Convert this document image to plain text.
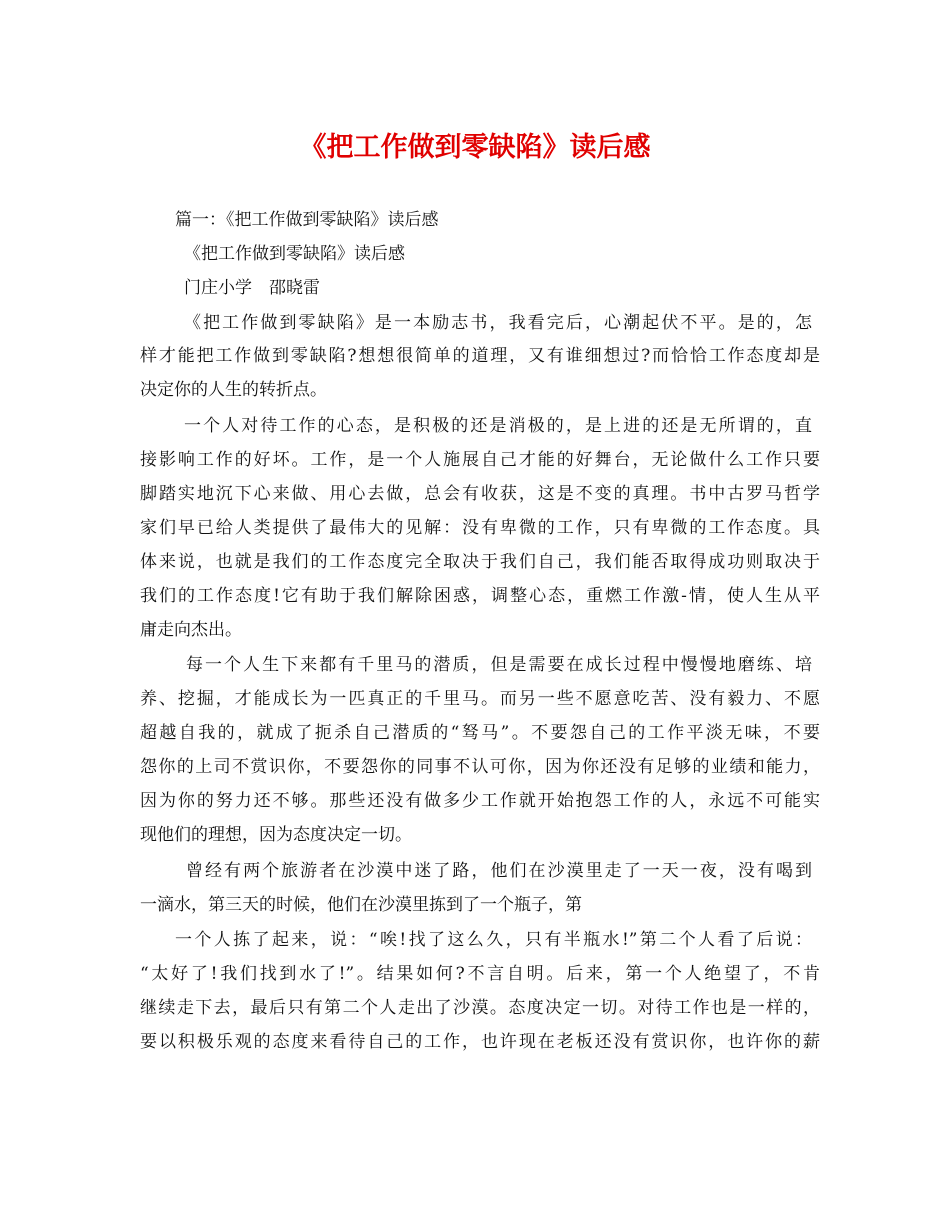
《把工作做到零缺陷》读后感
篇一：《把工作做到零缺陷》读后感
《把工作做到零缺陷》读后感
门庄小学　邵晓雷
《把工作做到零缺陷》是一本励志书，我看完后，心潮起伏不平。是的，怎
样才能把工作做到零缺陷?想想很简单的道理，又有谁细想过?而恰恰工作态度却是
决定你的人生的转折点。
一个人对待工作的心态，是积极的还是消极的，是上进的还是无所谓的，直
接影响工作的好坏。工作，是一个人施展自己才能的好舞台，无论做什么工作只要
脚踏实地沉下心来做、用心去做，总会有收获，这是不变的真理。书中古罗马哲学
家们早已给人类提供了最伟大的见解：没有卑微的工作，只有卑微的工作态度。具
体来说，也就是我们的工作态度完全取决于我们自己，我们能否取得成功则取决于
我们的工作态度!它有助于我们解除困惑，调整心态，重燃工作激-情，使人生从平
庸走向杰出。
每一个人生下来都有千里马的潜质，但是需要在成长过程中慢慢地磨练、培
养、挖掘，才能成长为一匹真正的千里马。而另一些不愿意吃苦、没有毅力、不愿
超越自我的，就成了扼杀自己潜质的“驽马”。不要怨自己的工作平淡无味，不要
怨你的上司不赏识你，不要怨你的同事不认可你，因为你还没有足够的业绩和能力，
因为你的努力还不够。那些还没有做多少工作就开始抱怨工作的人，永远不可能实
现他们的理想，因为态度决定一切。
曾经有两个旅游者在沙漠中迷了路，他们在沙漠里走了一天一夜，没有喝到
一滴水，第三天的时候，他们在沙漠里拣到了一个瓶子，第
一个人拣了起来，说：“唉!找了这么久，只有半瓶水!”第二个人看了后说：
“太好了!我们找到水了!”。结果如何?不言自明。后来，第一个人绝望了，不肯
继续走下去，最后只有第二个人走出了沙漠。态度决定一切。对待工作也是一样的，
要以积极乐观的态度来看待自己的工作，也许现在老板还没有赏识你，也许你的薪
